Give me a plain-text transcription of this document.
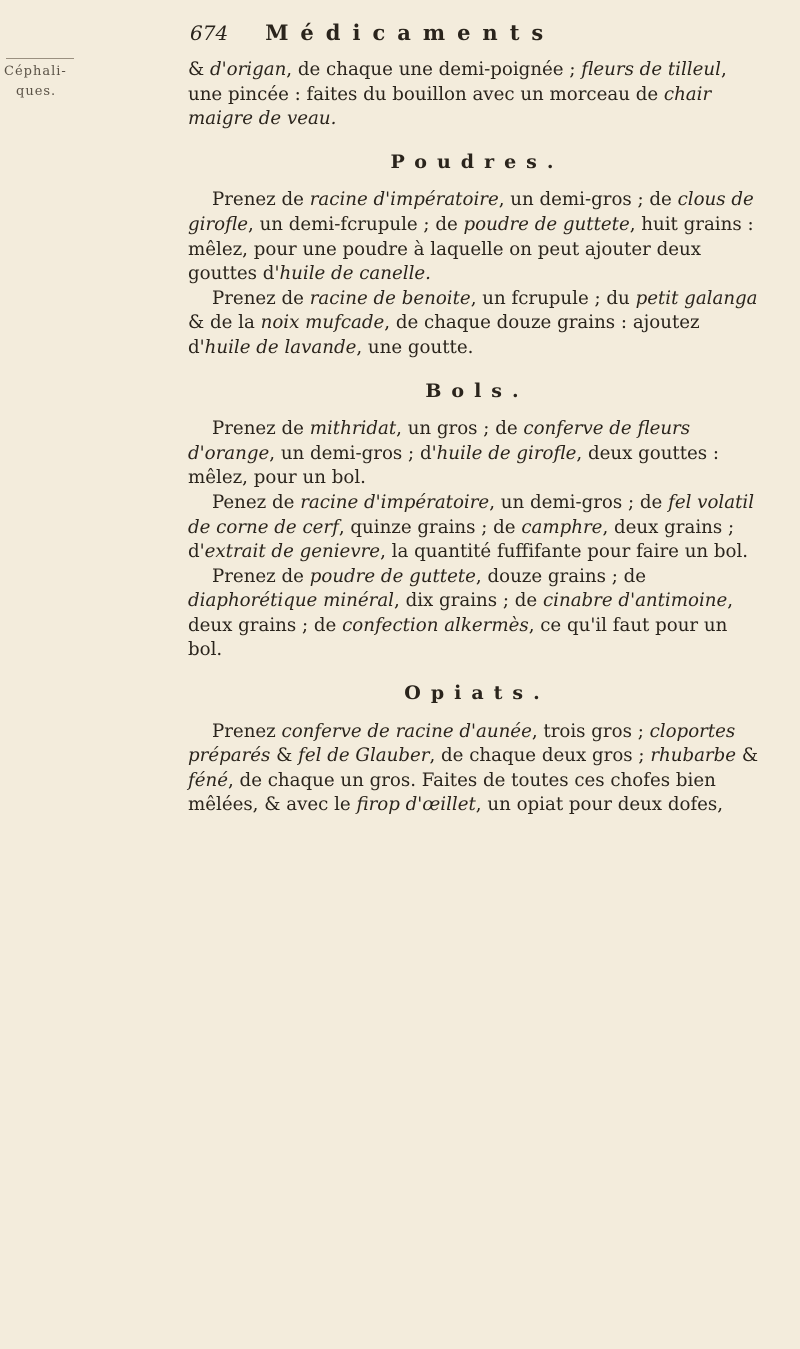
Céphali-
ques.
674 Médicaments

& d'origan, de chaque une demi-poignée ; fleurs de tilleul, une pincée : faites du bouillon avec un morceau de chair maigre de veau.

Poudres.

Prenez de racine d'impératoire, un demi-gros ; de clous de girofle, un demi-fcrupule ; de poudre de guttete, huit grains : mêlez, pour une poudre à laquelle on peut ajouter deux gouttes d'huile de canelle.

Prenez de racine de benoite, un fcrupule ; du petit galanga & de la noix mufcade, de chaque douze grains : ajoutez d'huile de lavande, une goutte.

Bols.

Prenez de mithridat, un gros ; de conferve de fleurs d'orange, un demi-gros ; d'huile de girofle, deux gouttes : mêlez, pour un bol.

Penez de racine d'impératoire, un demi-gros ; de fel volatil de corne de cerf, quinze grains ; de camphre, deux grains ; d'extrait de genievre, la quantité fuffifante pour faire un bol.

Prenez de poudre de guttete, douze grains ; de diaphorétique minéral, dix grains ; de cinabre d'antimoine, deux grains ; de confection alkermès, ce qu'il faut pour un bol.

Opiats.

Prenez conferve de racine d'aunée, trois gros ; cloportes préparés & fel de Glauber, de chaque deux gros ; rhubarbe & féné, de chaque un gros. Faites de toutes ces chofes bien mêlées, & avec le firop d'œillet, un opiat pour deux dofes,
